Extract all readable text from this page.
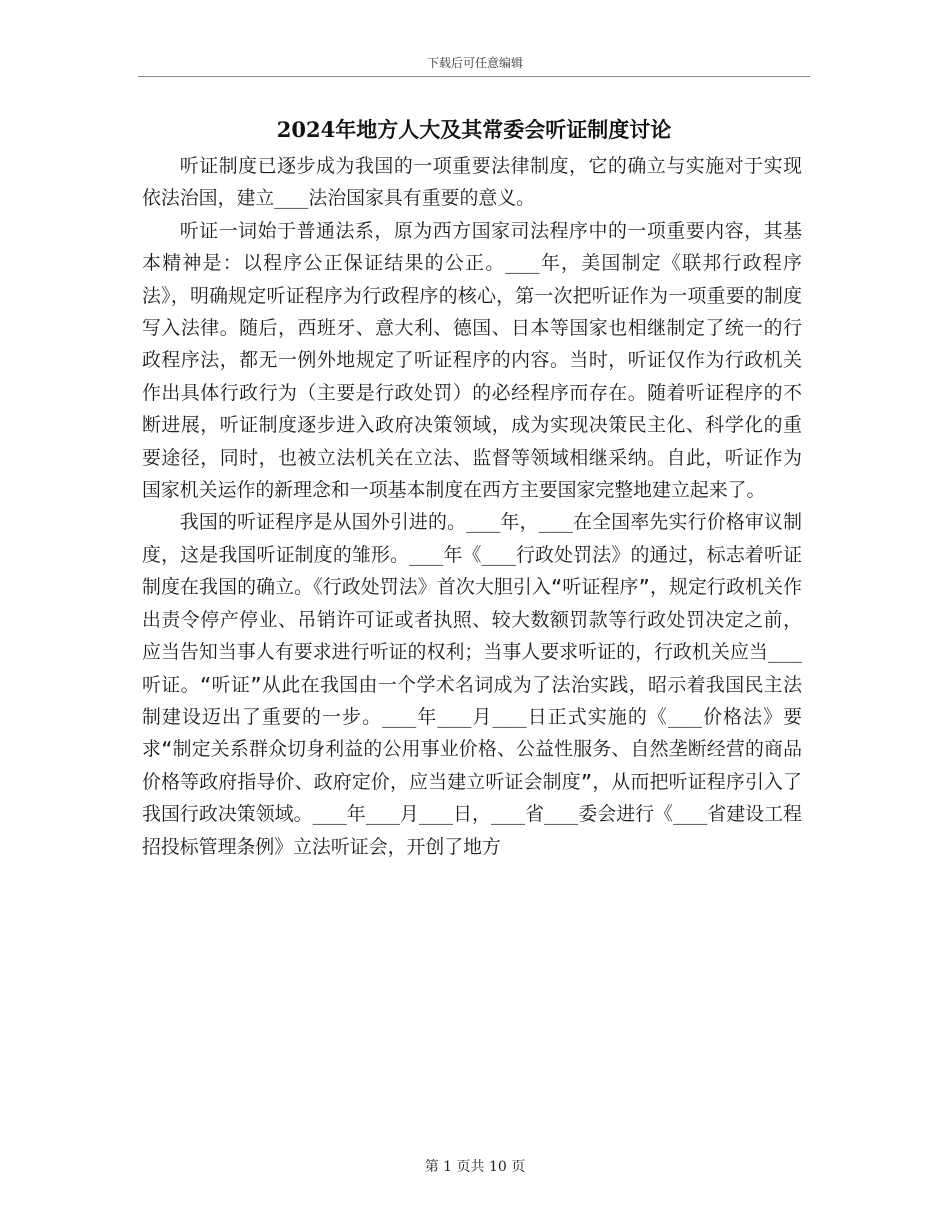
下载后可任意编辑
2024年地方人大及其常委会听证制度讨论

听证制度已逐步成为我国的一项重要法律制度，它的确立与实施对于实现依法治国，建立___法治国家具有重要的意义。

听证一词始于普通法系，原为西方国家司法程序中的一项重要内容，其基本精神是：以程序公正保证结果的公正。___年，美国制定《联邦行政程序法》，明确规定听证程序为行政程序的核心，第一次把听证作为一项重要的制度写入法律。随后，西班牙、意大利、德国、日本等国家也相继制定了统一的行政程序法，都无一例外地规定了听证程序的内容。当时，听证仅作为行政机关作出具体行政行为（主要是行政处罚）的必经程序而存在。随着听证程序的不断进展，听证制度逐步进入政府决策领域，成为实现决策民主化、科学化的重要途径，同时，也被立法机关在立法、监督等领域相继采纳。自此，听证作为国家机关运作的新理念和一项基本制度在西方主要国家完整地建立起来了。

我国的听证程序是从国外引进的。___年，___在全国率先实行价格审议制度，这是我国听证制度的雏形。___年《___行政处罚法》的通过，标志着听证制度在我国的确立。《行政处罚法》首次大胆引入“听证程序”，规定行政机关作出责令停产停业、吊销许可证或者执照、较大数额罚款等行政处罚决定之前，应当告知当事人有要求进行听证的权利；当事人要求听证的，行政机关应当___听证。“听证”从此在我国由一个学术名词成为了法治实践，昭示着我国民主法制建设迈出了重要的一步。___年___月___日正式实施的《___价格法》要求“制定关系群众切身利益的公用事业价格、公益性服务、自然垄断经营的商品价格等政府指导价、政府定价，应当建立听证会制度”，从而把听证程序引入了我国行政决策领域。___年___月___日，___省___委会进行《___省建设工程招投标管理条例》立法听证会，开创了地方

第 1 页共 10 页
